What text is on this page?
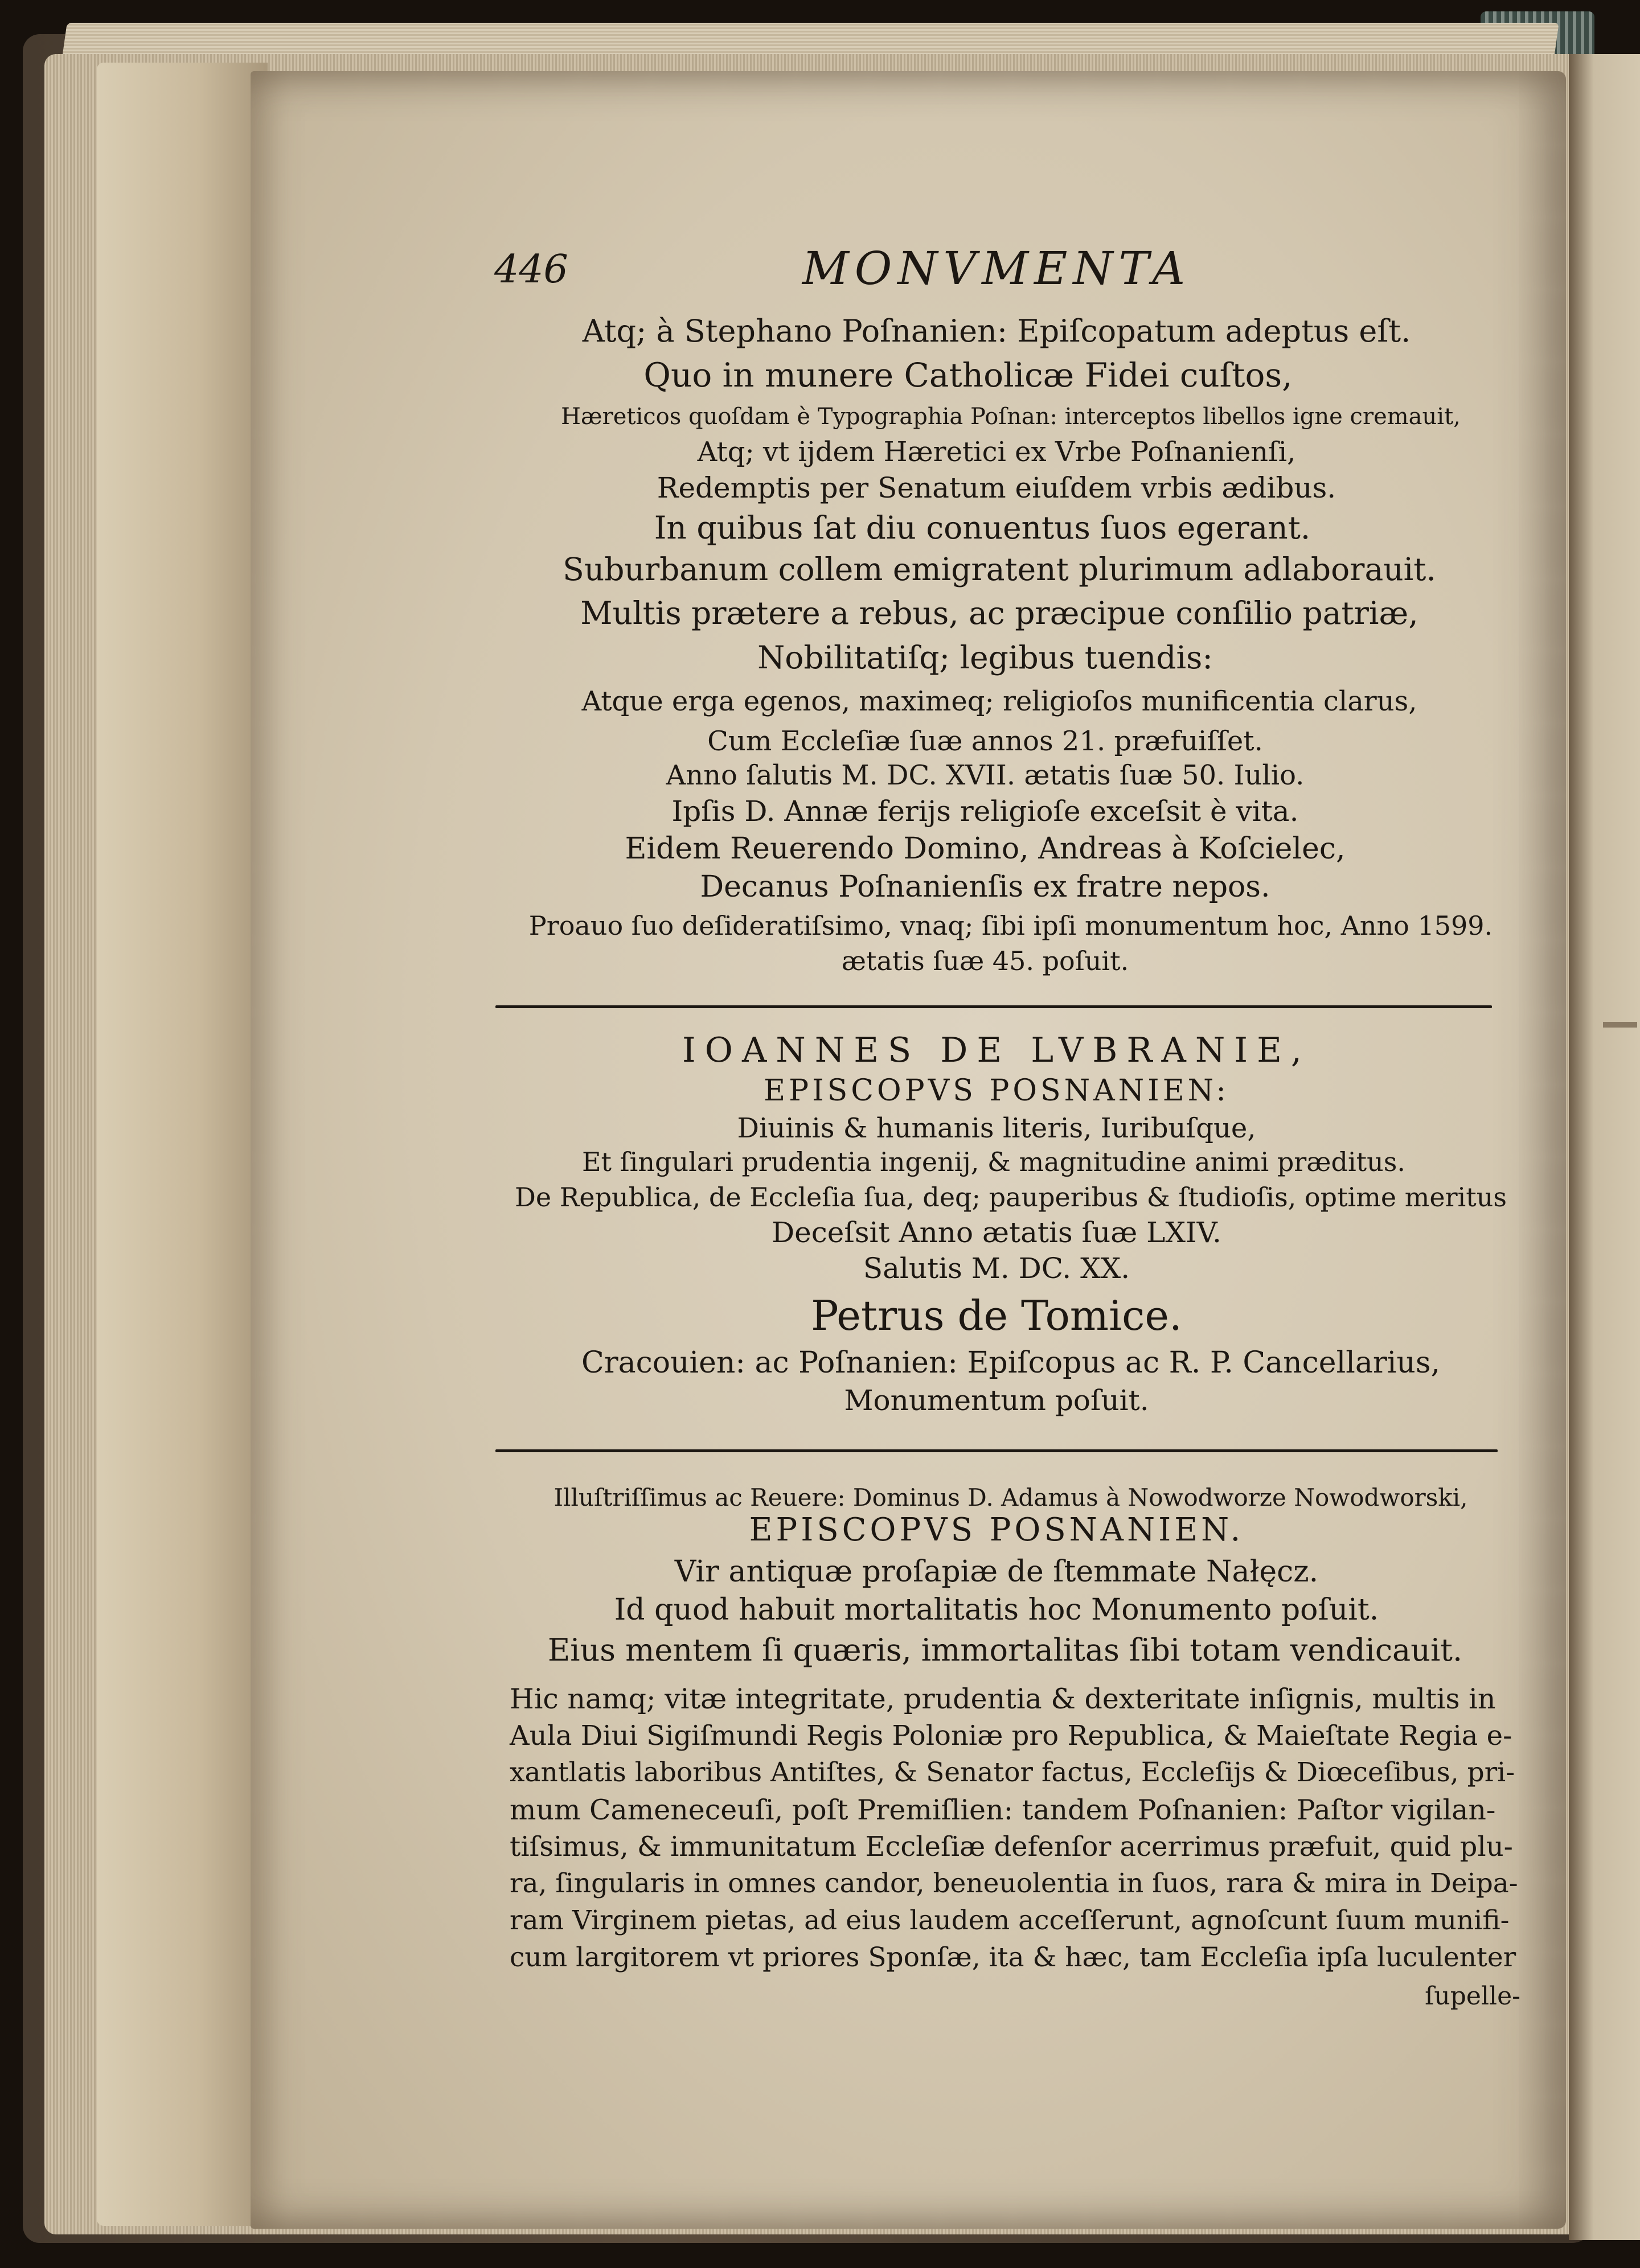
446	MONVMENTA
Atq; à Stephano Poſnanien: Epiſcopatum adeptus eſt.
Quo in munere Catholicæ Fidei cuſtos,
Hæreticos quoſdam è Typographia Poſnan: interceptos libellos igne cremauit,
Atq; vt ijdem Hæretici ex Vrbe Poſnanienſi,
Redemptis per Senatum eiuſdem vrbis ædibus.
In quibus ſat diu conuentus ſuos egerant.
Suburbanum collem emigratent plurimum adlaborauit.
Multis prætere a rebus, ac præcipue conſilio patriæ,
Nobilitatiſq; legibus tuendis:
Atque erga egenos, maximeq; religioſos munificentia clarus,
Cum Eccleſiæ ſuæ annos 21. præfuiſſet.
Anno ſalutis M. DC. XVII. ætatis ſuæ 50. Iulio.
Ipſis D. Annæ ferijs religioſe exceſsit è vita.
Eidem Reuerendo Domino, Andreas à Koſcielec,
Decanus Poſnanienſis ex fratre nepos.
Proauo ſuo deſideratiſsimo, vnaq; ſibi ipſi monumentum hoc, Anno 1599.
ætatis ſuæ 45. poſuit.
IOANNES DE LVBRANIE,
EPISCOPVS POSNANIEN:
Diuinis & humanis literis, Iuribuſque,
Et ſingulari prudentia ingenij, & magnitudine animi præditus.
De Republica, de Eccleſia ſua, deq; pauperibus & ſtudioſis, optime meritus
Deceſsit Anno ætatis ſuæ LXIV.
Salutis M. DC. XX.
Petrus de Tomice.
Cracouien: ac Poſnanien: Epiſcopus ac R. P. Cancellarius,
Monumentum poſuit.
Illuſtriſſimus ac Reuere: Dominus D. Adamus à Nowodworze Nowodworski,
EPISCOPVS POSNANIEN.
Vir antiquæ proſapiæ de ſtemmate Nałęcz.
Id quod habuit mortalitatis hoc Monumento poſuit.
Eius mentem ſi quæris, immortalitas ſibi totam vendicauit.
Hic namq; vitæ integritate, prudentia & dexteritate inſignis, multis in
Aula Diui Sigiſmundi Regis Poloniæ pro Republica, & Maieſtate Regia e-
xantlatis laboribus Antiſtes, & Senator factus, Eccleſijs & Diœceſibus, pri-
mum Cameneceuſi, poſt Premiſlien: tandem Poſnanien: Paſtor vigilan-
tiſsimus, & immunitatum Eccleſiæ defenſor acerrimus præfuit, quid plu-
ra, ſingularis in omnes candor, beneuolentia in ſuos, rara & mira in Deipa-
ram Virginem pietas, ad eius laudem acceſſerunt, agnoſcunt ſuum munifi-
cum largitorem vt priores Sponſæ, ita & hæc, tam Eccleſia ipſa luculenter
ſupelle-
